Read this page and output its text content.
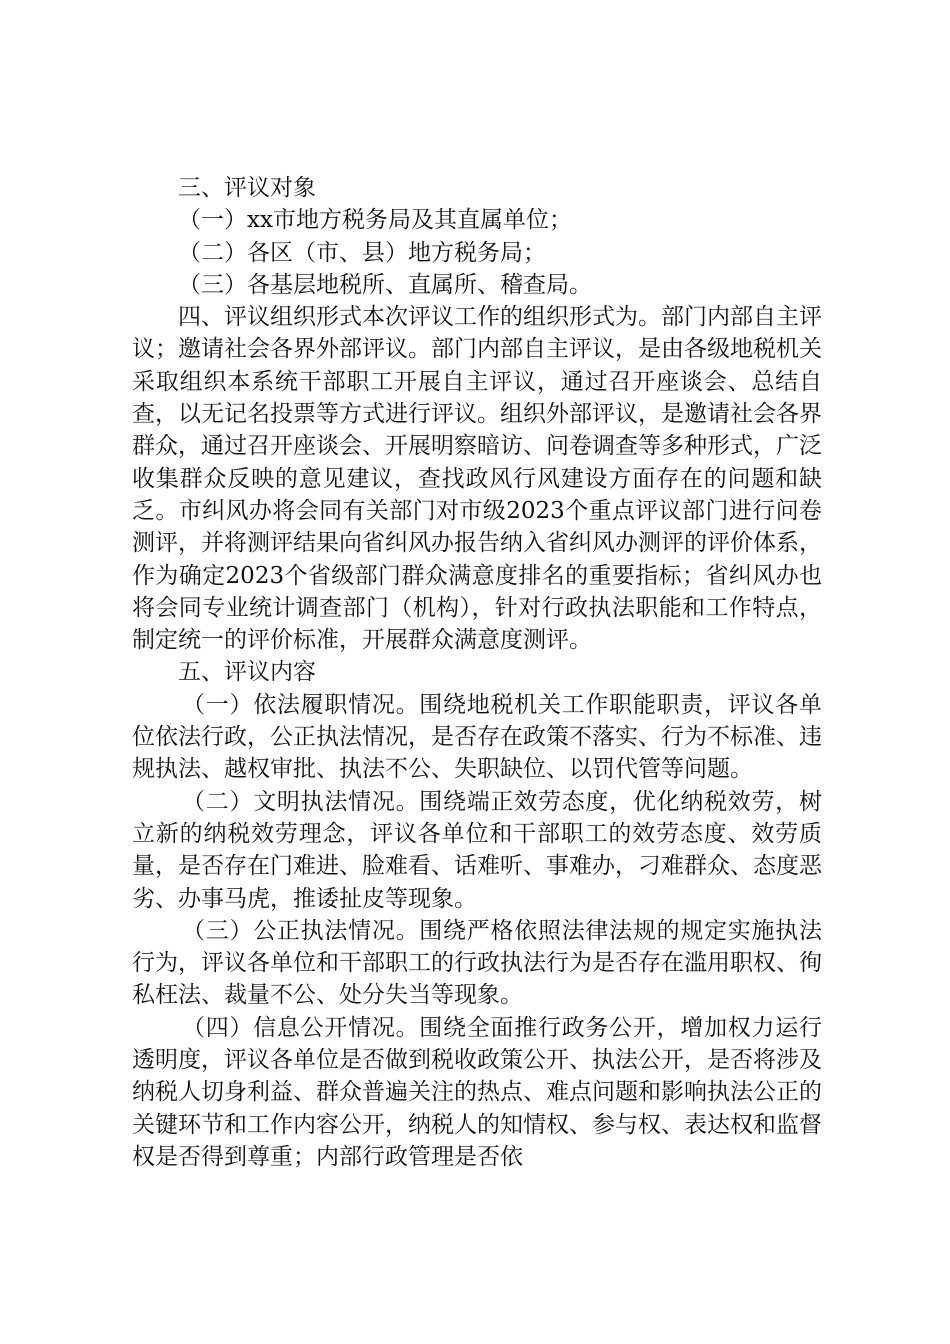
三、评议对象

（一）xx市地方税务局及其直属单位；

（二）各区（市、县）地方税务局；

（三）各基层地税所、直属所、稽查局。

四、评议组织形式本次评议工作的组织形式为。部门内部自主评议；邀请社会各界外部评议。部门内部自主评议，是由各级地税机关采取组织本系统干部职工开展自主评议，通过召开座谈会、总结自查，以无记名投票等方式进行评议。组织外部评议，是邀请社会各界群众，通过召开座谈会、开展明察暗访、问卷调查等多种形式，广泛收集群众反映的意见建议，查找政风行风建设方面存在的问题和缺乏。市纠风办将会同有关部门对市级2023个重点评议部门进行问卷测评，并将测评结果向省纠风办报告纳入省纠风办测评的评价体系，作为确定2023个省级部门群众满意度排名的重要指标；省纠风办也将会同专业统计调查部门（机构），针对行政执法职能和工作特点，制定统一的评价标准，开展群众满意度测评。

五、评议内容

（一）依法履职情况。围绕地税机关工作职能职责，评议各单位依法行政，公正执法情况，是否存在政策不落实、行为不标准、违规执法、越权审批、执法不公、失职缺位、以罚代管等问题。

（二）文明执法情况。围绕端正效劳态度，优化纳税效劳，树立新的纳税效劳理念，评议各单位和干部职工的效劳态度、效劳质量，是否存在门难进、脸难看、话难听、事难办，刁难群众、态度恶劣、办事马虎，推诿扯皮等现象。

（三）公正执法情况。围绕严格依照法律法规的规定实施执法行为，评议各单位和干部职工的行政执法行为是否存在滥用职权、徇私枉法、裁量不公、处分失当等现象。

（四）信息公开情况。围绕全面推行政务公开，增加权力运行透明度，评议各单位是否做到税收政策公开、执法公开，是否将涉及纳税人切身利益、群众普遍关注的热点、难点问题和影响执法公正的关键环节和工作内容公开，纳税人的知情权、参与权、表达权和监督权是否得到尊重；内部行政管理是否依
